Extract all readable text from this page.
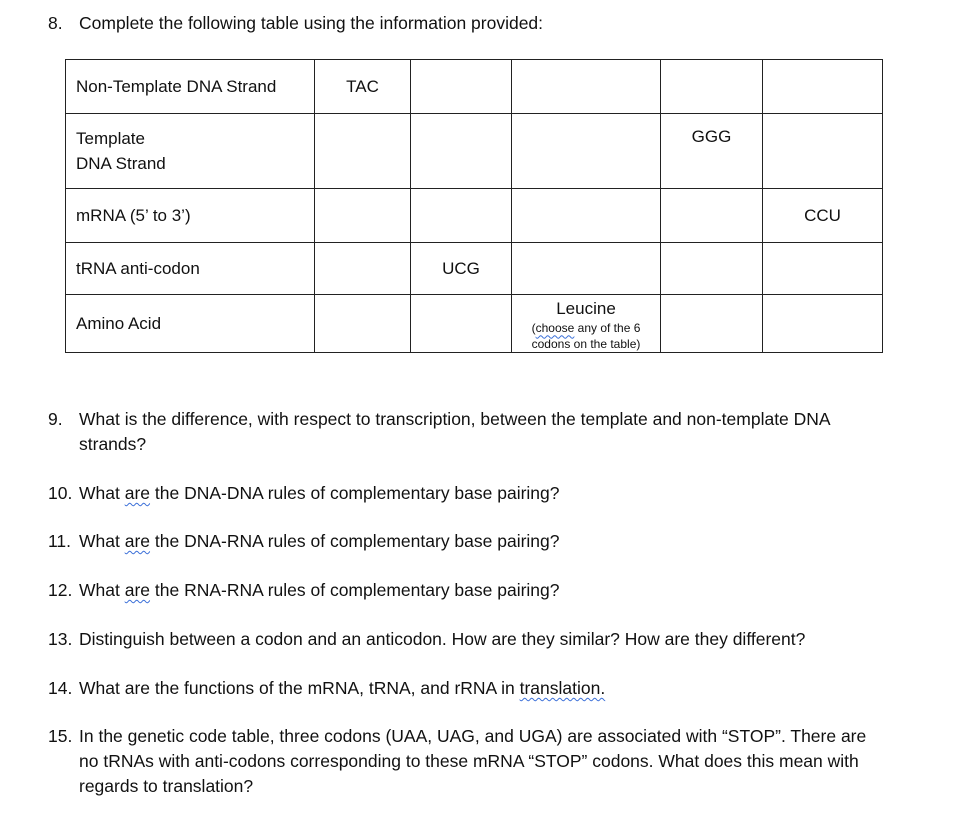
8. Complete the following table using the information provided:
Non-Template DNA Strand	TAC				

Template
DNA Strand				GGG	
mRNA (5’ to 3’)					CCU
tRNA anti-codon		UCG			
Amino Acid			Leucine
(choose any of the 6
codons on the table)		

9. What is the difference, with respect to transcription, between the template and non-template DNA
strands?
10. What are the DNA-DNA rules of complementary base pairing?
11. What are the DNA-RNA rules of complementary base pairing?
12. What are the RNA-RNA rules of complementary base pairing?
13. Distinguish between a codon and an anticodon. How are they similar? How are they different?
14. What are the functions of the mRNA, tRNA, and rRNA in translation.
15. In the genetic code table, three codons (UAA, UAG, and UGA) are associated with “STOP”. There are
no tRNAs with anti-codons corresponding to these mRNA “STOP” codons. What does this mean with
regards to translation?
